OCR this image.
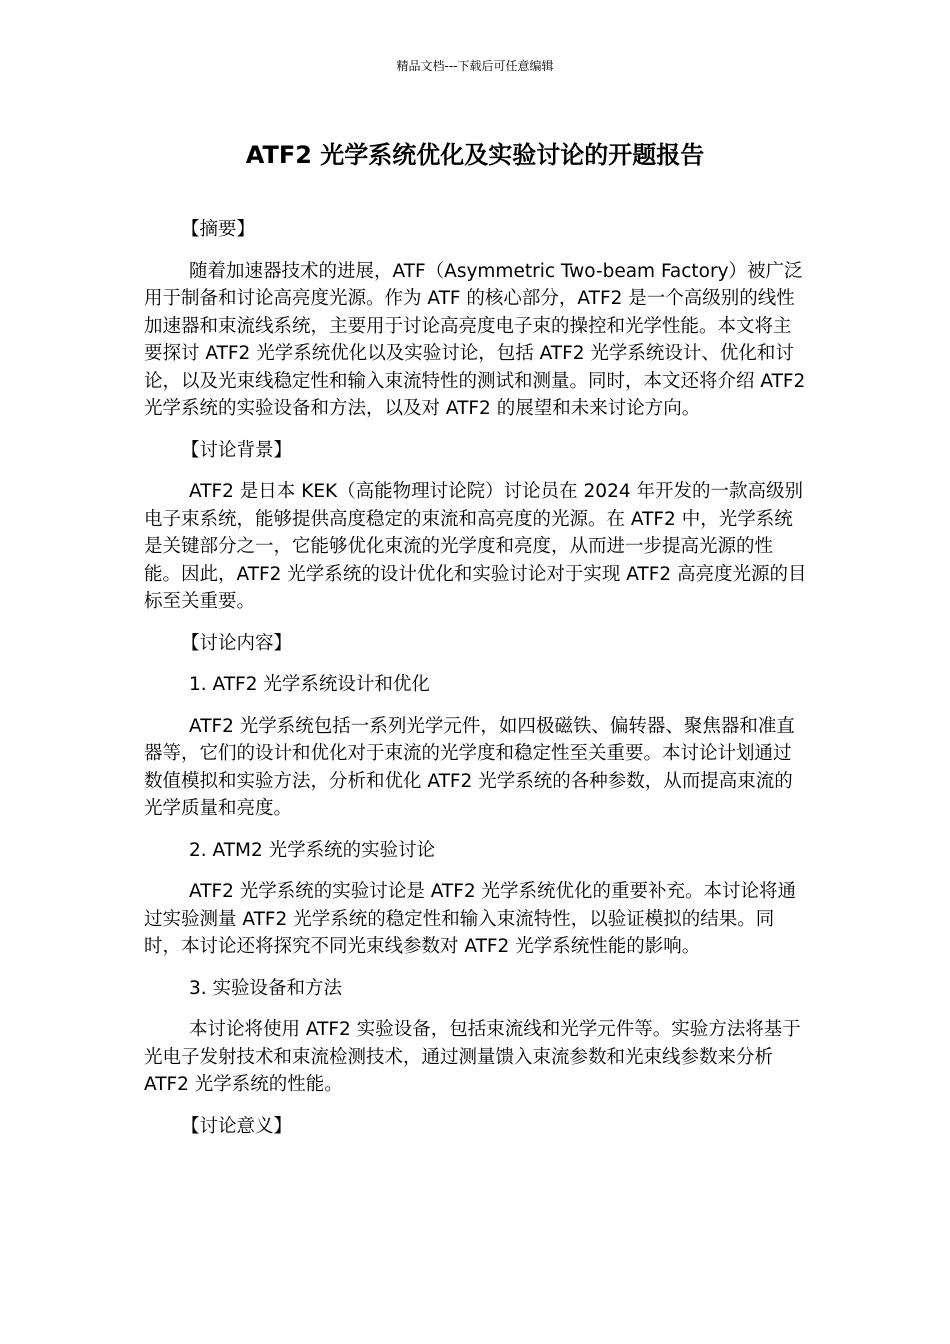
精品文档---下载后可任意编辑
ATF2 光学系统优化及实验讨论的开题报告
【摘要】
随着加速器技术的进展，ATF（Asymmetric Two-beam Factory）被广泛用于制备和讨论高亮度光源。作为 ATF 的核心部分，ATF2 是一个高级别的线性加速器和束流线系统，主要用于讨论高亮度电子束的操控和光学性能。本文将主要探讨 ATF2 光学系统优化以及实验讨论，包括 ATF2 光学系统设计、优化和讨论，以及光束线稳定性和输入束流特性的测试和测量。同时，本文还将介绍 ATF2 光学系统的实验设备和方法，以及对 ATF2 的展望和未来讨论方向。
【讨论背景】
ATF2 是日本 KEK（高能物理讨论院）讨论员在 2024 年开发的一款高级别电子束系统，能够提供高度稳定的束流和高亮度的光源。在 ATF2 中，光学系统是关键部分之一，它能够优化束流的光学度和亮度，从而进一步提高光源的性能。因此，ATF2 光学系统的设计优化和实验讨论对于实现 ATF2 高亮度光源的目标至关重要。
【讨论内容】
1. ATF2 光学系统设计和优化
ATF2 光学系统包括一系列光学元件，如四极磁铁、偏转器、聚焦器和准直器等，它们的设计和优化对于束流的光学度和稳定性至关重要。本讨论计划通过数值模拟和实验方法，分析和优化 ATF2 光学系统的各种参数，从而提高束流的光学质量和亮度。
2. ATM2 光学系统的实验讨论
ATF2 光学系统的实验讨论是 ATF2 光学系统优化的重要补充。本讨论将通过实验测量 ATF2 光学系统的稳定性和输入束流特性，以验证模拟的结果。同时，本讨论还将探究不同光束线参数对 ATF2 光学系统性能的影响。
3. 实验设备和方法
本讨论将使用 ATF2 实验设备，包括束流线和光学元件等。实验方法将基于光电子发射技术和束流检测技术，通过测量馈入束流参数和光束线参数来分析 ATF2 光学系统的性能。
【讨论意义】
